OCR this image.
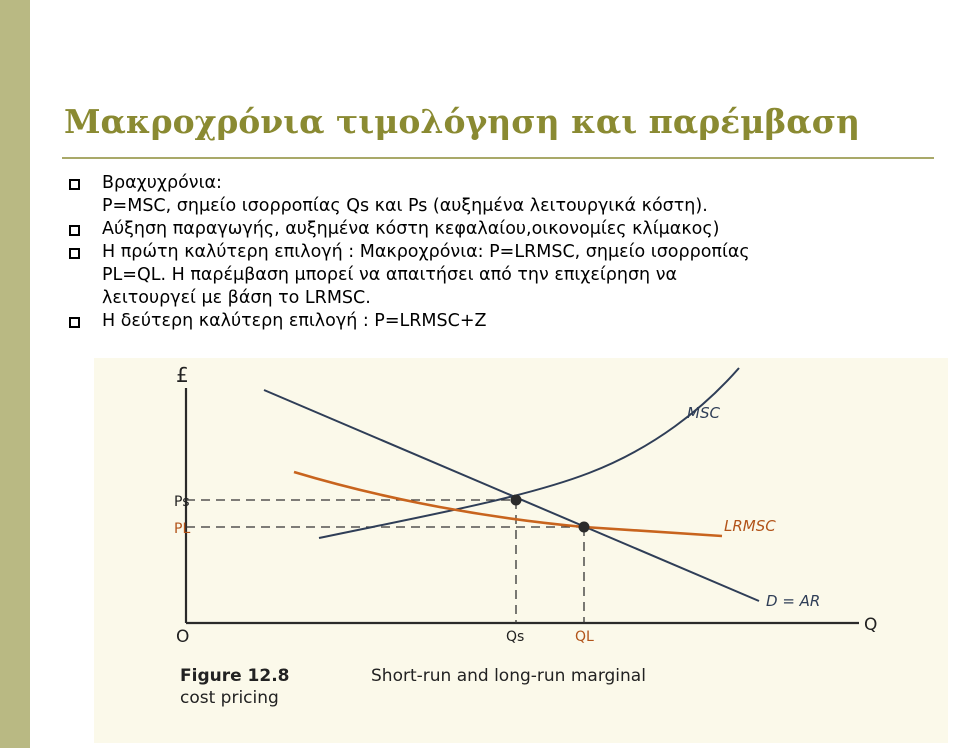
Μακροχρόνια τιμολόγηση και παρέμβαση
Βραχυχρόνια:
P=MSC, σημείο ισορροπίας Qs και Ps (αυξημένα λειτουργικά κόστη).
Αύξηση παραγωγής, αυξημένα κόστη κεφαλαίου,οικονομίες κλίμακος)
Η πρώτη καλύτερη επιλογή : Μακροχρόνια: P=LRMSC, σημείο ισορροπίας
PL=QL. Η παρέμβαση μπορεί να απαιτήσει από την επιχείρηση να
λειτουργεί με βάση το LRMSC.
Η δεύτερη καλύτερη επιλογή : P=LRMSC+Z
£
Q
O
MSC
LRMSC
D = AR
Ps
PL
Qs	QL
Figure 12.8	Short-run and long-run marginal
cost pricing
